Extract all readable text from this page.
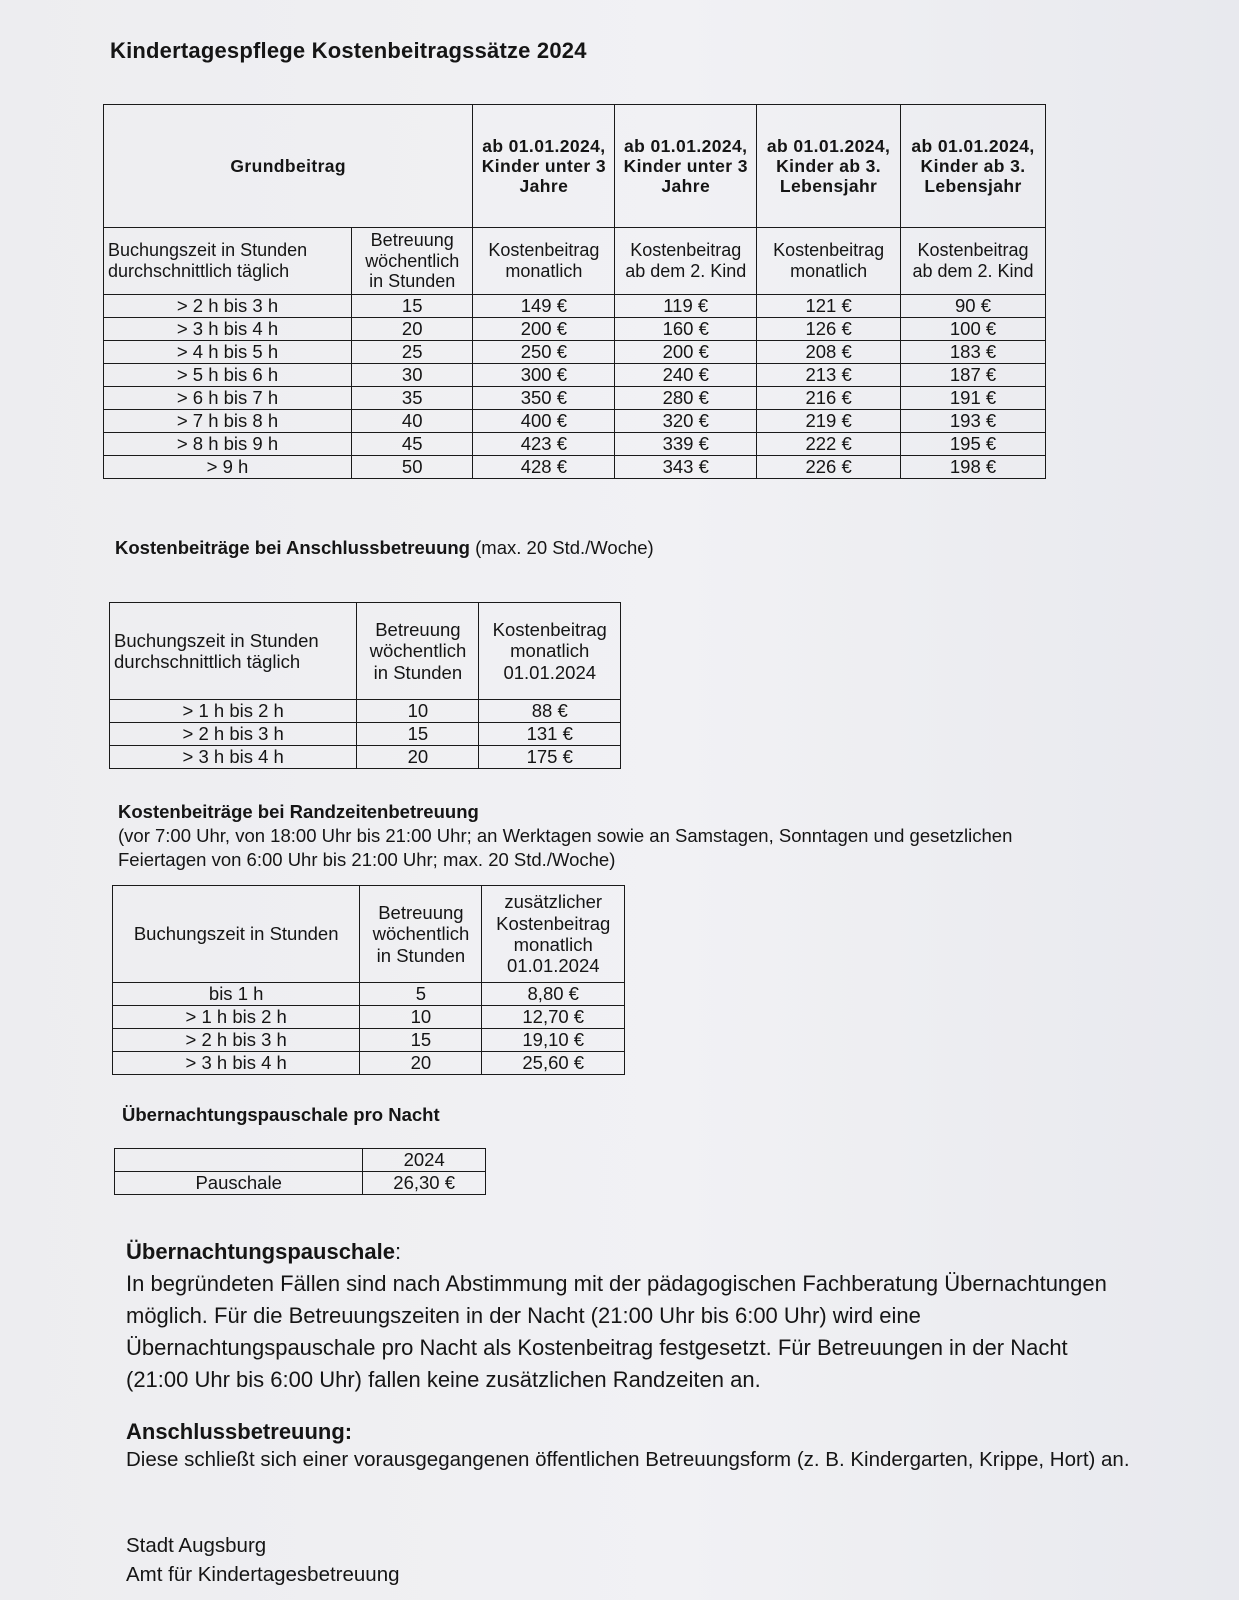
Kindertagespflege Kostenbeitragssätze 2024
Grundbeitrag		ab 01.01.2024, Kinder unter 3 Jahre	ab 01.01.2024, Kinder unter 3 Jahre	ab 01.01.2024, Kinder ab 3. Lebensjahr	ab 01.01.2024, Kinder ab 3. Lebensjahr
Buchungszeit in Stunden durchschnittlich täglich	Betreuung wöchentlich in Stunden	Kostenbeitrag monatlich	Kostenbeitrag ab dem 2. Kind	Kostenbeitrag monatlich	Kostenbeitrag ab dem 2. Kind
> 2 h bis 3 h	15	149 €	119 €	121 €	90 €
> 3 h bis 4 h	20	200 €	160 €	126 €	100 €
> 4 h bis 5 h	25	250 €	200 €	208 €	183 €
> 5 h bis 6 h	30	300 €	240 €	213 €	187 €
> 6 h bis 7 h	35	350 €	280 €	216 €	191 €
> 7 h bis 8 h	40	400 €	320 €	219 €	193 €
> 8 h bis 9 h	45	423 €	339 €	222 €	195 €
> 9 h	50	428 €	343 €	226 €	198 €

Kostenbeiträge bei Anschlussbetreuung (max. 20 Std./Woche)

Buchungszeit in Stunden durchschnittlich täglich	Betreuung wöchentlich in Stunden	Kostenbeitrag monatlich 01.01.2024
> 1 h bis 2 h	10	88 €
> 2 h bis 3 h	15	131 €
> 3 h bis 4 h	20	175 €
Kostenbeiträge bei Randzeitenbetreuung
(vor 7:00 Uhr, von 18:00 Uhr bis 21:00 Uhr; an Werktagen sowie an Samstagen, Sonntagen und gesetzlichen Feiertagen von 6:00 Uhr bis 21:00 Uhr; max. 20 Std./Woche)
Buchungszeit in Stunden	Betreuung wöchentlich in Stunden	zusätzlicher Kostenbeitrag monatlich 01.01.2024
bis 1 h	5	8,80 €
> 1 h bis 2 h	10	12,70 €
> 2 h bis 3 h	15	19,10 €
> 3 h bis 4 h	20	25,60 €

Übernachtungspauschale pro Nacht

	2024
Pauschale	26,30 €
Übernachtungspauschale:
In begründeten Fällen sind nach Abstimmung mit der pädagogischen Fachberatung Übernachtungen möglich. Für die Betreuungszeiten in der Nacht (21:00 Uhr bis 6:00 Uhr) wird eine Übernachtungspauschale pro Nacht als Kostenbeitrag festgesetzt. Für Betreuungen in der Nacht (21:00 Uhr bis 6:00 Uhr) fallen keine zusätzlichen Randzeiten an.
Anschlussbetreuung:
Diese schließt sich einer vorausgegangenen öffentlichen Betreuungsform (z. B. Kindergarten, Krippe, Hort) an.
Stadt Augsburg
Amt für Kindertagesbetreuung
